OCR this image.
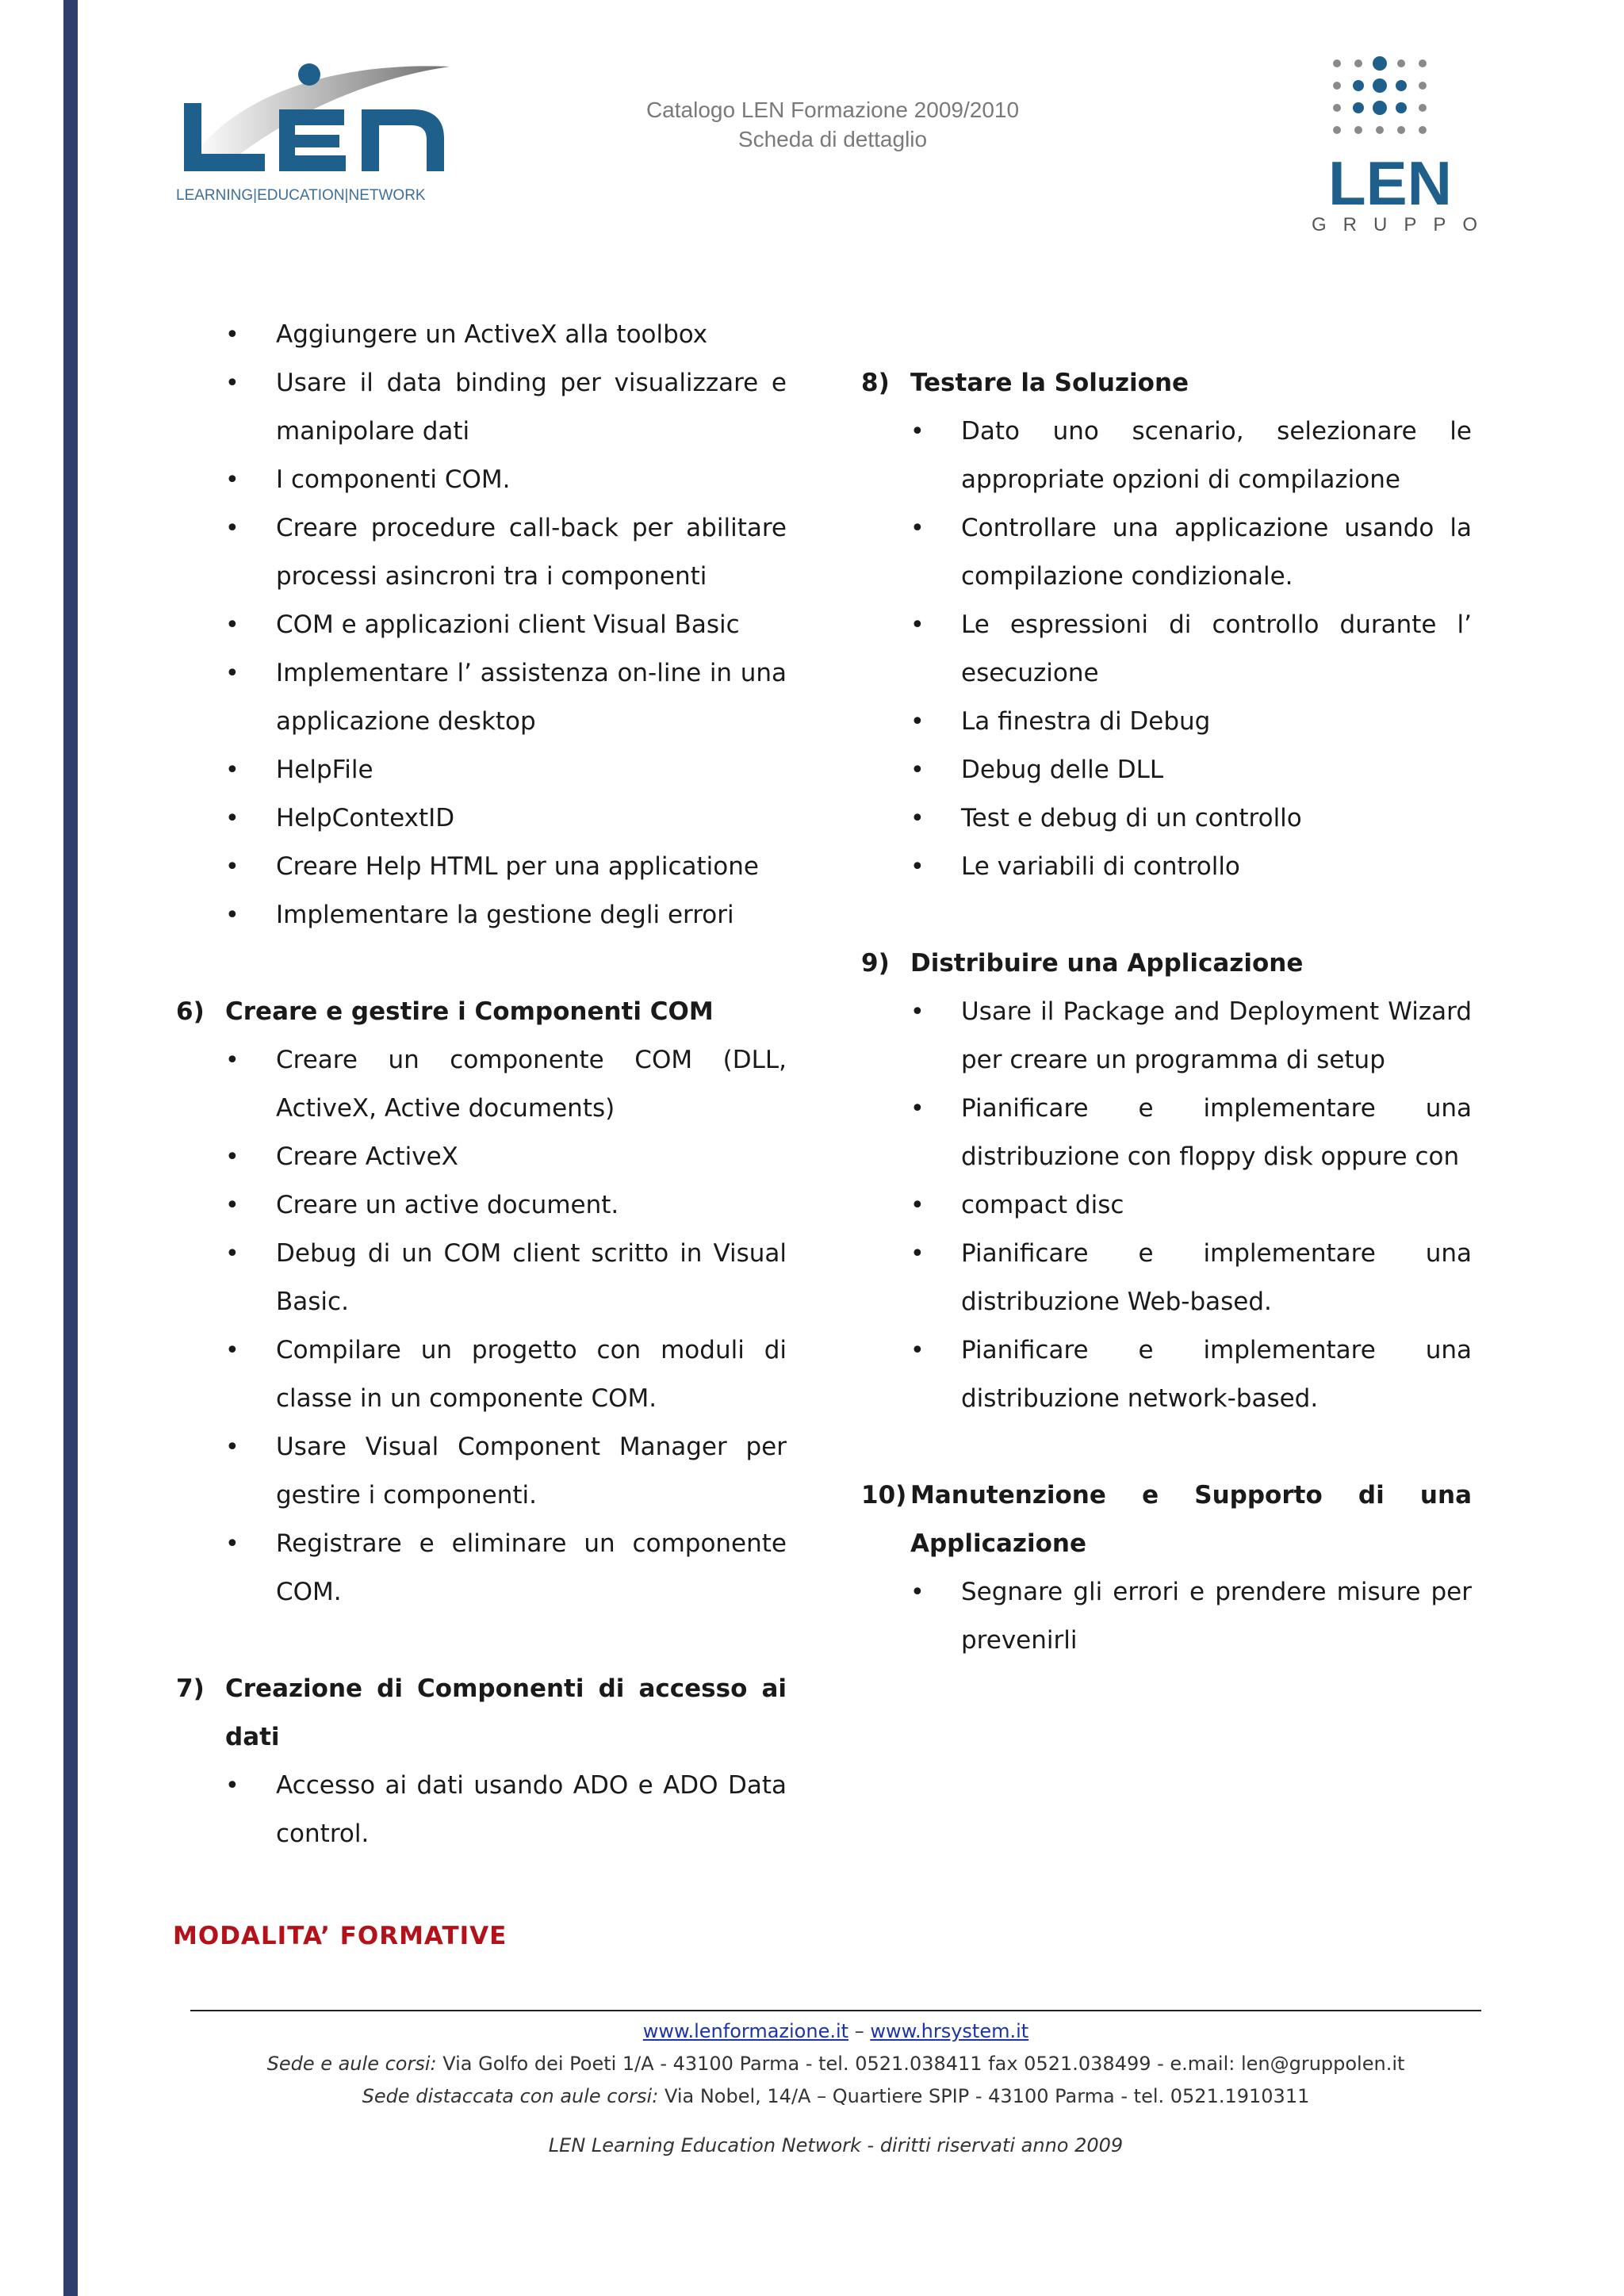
LEARNING|EDUCATION|NETWORK
Catalogo LEN Formazione 2009/2010
Scheda di dettaglio
LEN
GRUPPO
• Aggiungere un ActiveX alla toolbox
• Usare il data binding per visualizzare e manipolare dati
• I componenti COM.
• Creare procedure call-back per abilitare processi asincroni tra i componenti
• COM e applicazioni client Visual Basic
• Implementare l’ assistenza on-line in una applicazione desktop
• HelpFile
• HelpContextID
• Creare Help HTML per una applicatione
• Implementare la gestione degli errori
6) Creare e gestire i Componenti COM
• Creare un componente COM (DLL, ActiveX, Active documents)
• Creare ActiveX
• Creare un active document.
• Debug di un COM client scritto in Visual Basic.
• Compilare un progetto con moduli di classe in un componente COM.
• Usare Visual Component Manager per gestire i componenti.
• Registrare e eliminare un componente COM.
7) Creazione di Componenti di accesso ai dati
• Accesso ai dati usando ADO e ADO Data control.
8) Testare la Soluzione
• Dato uno scenario, selezionare le appropriate opzioni di compilazione
• Controllare una applicazione usando la compilazione condizionale.
• Le espressioni di controllo durante l’ esecuzione
• La finestra di Debug
• Debug delle DLL
• Test e debug di un controllo
• Le variabili di controllo
9) Distribuire una Applicazione
• Usare il Package and Deployment Wizard per creare un programma di setup
• Pianificare e implementare una distribuzione con floppy disk oppure con
• compact disc
• Pianificare e implementare una distribuzione Web-based.
• Pianificare e implementare una distribuzione network-based.
10) Manutenzione e Supporto di una Applicazione
• Segnare gli errori e prendere misure per prevenirli
MODALITA’ FORMATIVE
www.lenformazione.it – www.hrsystem.it
Sede e aule corsi: Via Golfo dei Poeti 1/A - 43100 Parma - tel. 0521.038411 fax 0521.038499 - e.mail: len@gruppolen.it
Sede distaccata con aule corsi: Via Nobel, 14/A – Quartiere SPIP - 43100 Parma - tel. 0521.1910311
LEN Learning Education Network - diritti riservati anno 2009
